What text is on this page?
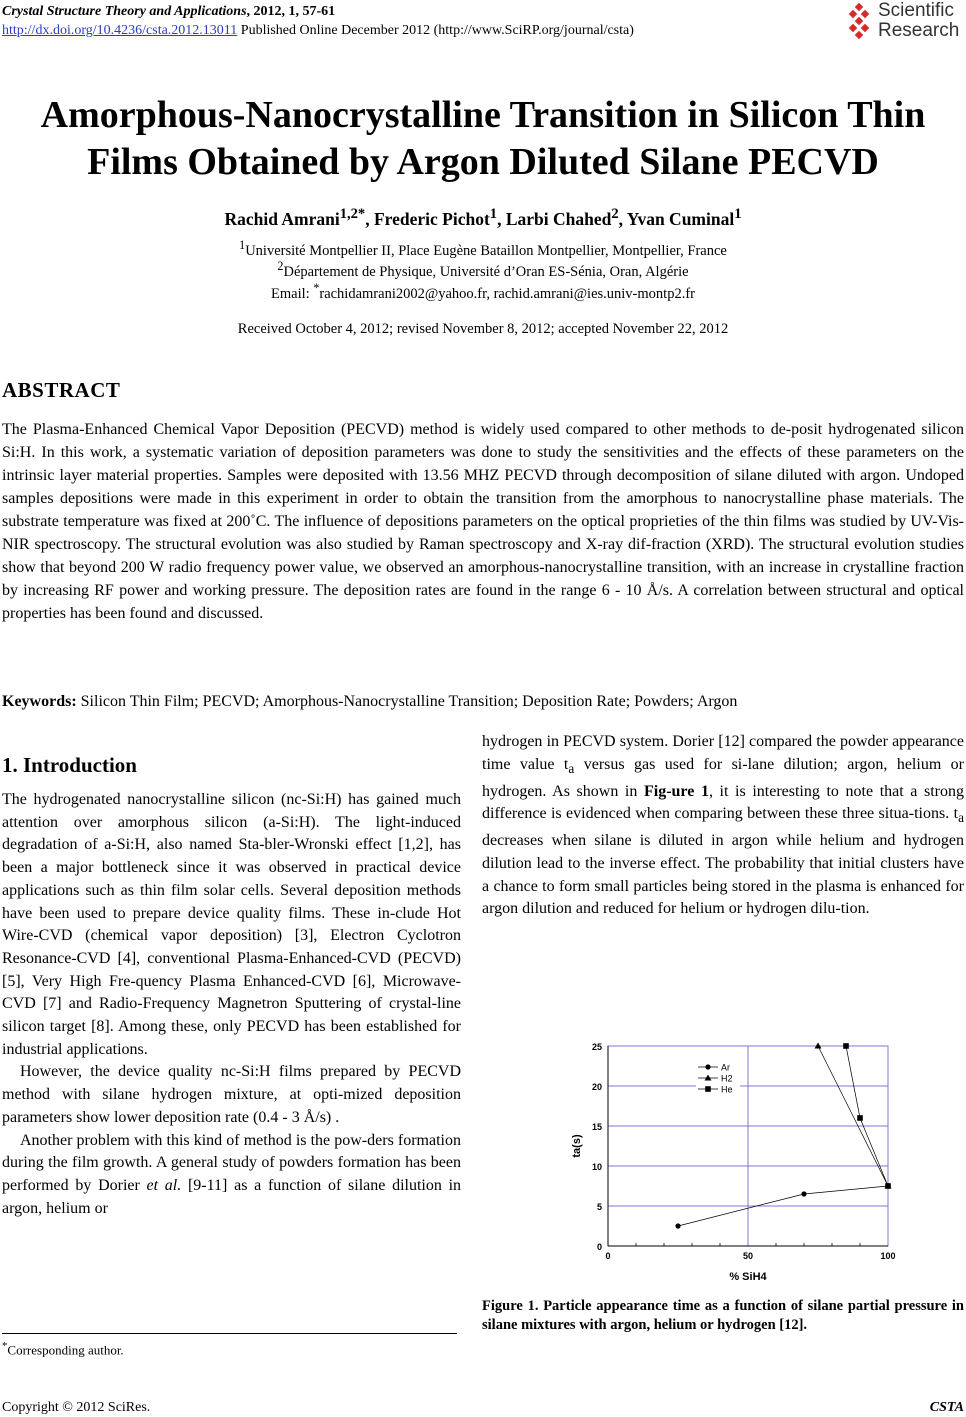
Crystal Structure Theory and Applications, 2012, 1, 57-61
http://dx.doi.org/10.4236/csta.2012.13011 Published Online December 2012 (http://www.SciRP.org/journal/csta)
Scientific
Research
Amorphous-Nanocrystalline Transition in Silicon Thin
Films Obtained by Argon Diluted Silane PECVD
Rachid Amrani$^{1,2*}$, Frederic Pichot$^1$, Larbi Chahed$^2$, Yvan Cuminal$^1$
$^1$Université Montpellier II, Place Eugène Bataillon Montpellier, Montpellier, France
$^2$Département de Physique, Université d’Oran ES-Sénia, Oran, Algérie
Email: *rachidamrani2002@yahoo.fr, rachid.amrani@ies.univ-montp2.fr
Received October 4, 2012; revised November 8, 2012; accepted November 22, 2012
ABSTRACT
The Plasma-Enhanced Chemical Vapor Deposition (PECVD) method is widely used compared to other methods to de-posit hydrogenated silicon Si:H. In this work, a systematic variation of deposition parameters was done to study the sensitivities and the effects of these parameters on the intrinsic layer material properties. Samples were deposited with 13.56 MHZ PECVD through decomposition of silane diluted with argon. Undoped samples depositions were made in this experiment in order to obtain the transition from the amorphous to nanocrystalline phase materials. The substrate temperature was fixed at 200˚C. The influence of depositions parameters on the optical proprieties of the thin films was studied by UV-Vis-NIR spectroscopy. The structural evolution was also studied by Raman spectroscopy and X-ray dif-fraction (XRD). The structural evolution studies show that beyond 200 W radio frequency power value, we observed an amorphous-nanocrystalline transition, with an increase in crystalline fraction by increasing RF power and working pressure. The deposition rates are found in the range 6 - 10 Å/s. A correlation between structural and optical properties has been found and discussed.
Keywords: Silicon Thin Film; PECVD; Amorphous-Nanocrystalline Transition; Deposition Rate; Powders; Argon
1. Introduction

The hydrogenated nanocrystalline silicon (nc-Si:H) has gained much attention over amorphous silicon (a-Si:H). The light-induced degradation of a-Si:H, also named Sta-bler-Wronski effect [1,2], has been a major bottleneck since it was observed in practical device applications such as thin film solar cells. Several deposition methods have been used to prepare device quality films. These in-clude Hot Wire-CVD (chemical vapor deposition) [3], Electron Cyclotron Resonance-CVD [4], conventional Plasma-Enhanced-CVD (PECVD) [5], Very High Fre-quency Plasma Enhanced-CVD [6], Microwave-CVD [7] and Radio-Frequency Magnetron Sputtering of crystal-line silicon target [8]. Among these, only PECVD has been established for industrial applications.

However, the device quality nc-Si:H films prepared by PECVD method with silane hydrogen mixture, at opti-mized deposition parameters show lower deposition rate (0.4 - 3 Å/s) .

Another problem with this kind of method is the pow-ders formation during the film growth. A general study of powders formation has been performed by Dorier et al. [9-11] as a function of silane dilution in argon, helium or

hydrogen in PECVD system. Dorier [12] compared the powder appearance time value $t_a$ versus gas used for si-lane dilution; argon, helium or hydrogen. As shown in Fig-ure 1, it is interesting to note that a strong difference is evidenced when comparing between these three situa-tions. $t_a$ decreases when silane is diluted in argon while helium and hydrogen dilution lead to the inverse effect. The probability that initial clusters have a chance to form small particles being stored in the plasma is enhanced for argon dilution and reduced for helium or hydrogen dilu-tion.

0
5
10
15
20
25
0	50	100
Ar
H2
He
% SiH4
ta(s)
Figure 1. Particle appearance time as a function of silane partial pressure in silane mixtures with argon, helium or hydrogen [12].
*Corresponding author.
Copyright © 2012 SciRes.	CSTA
